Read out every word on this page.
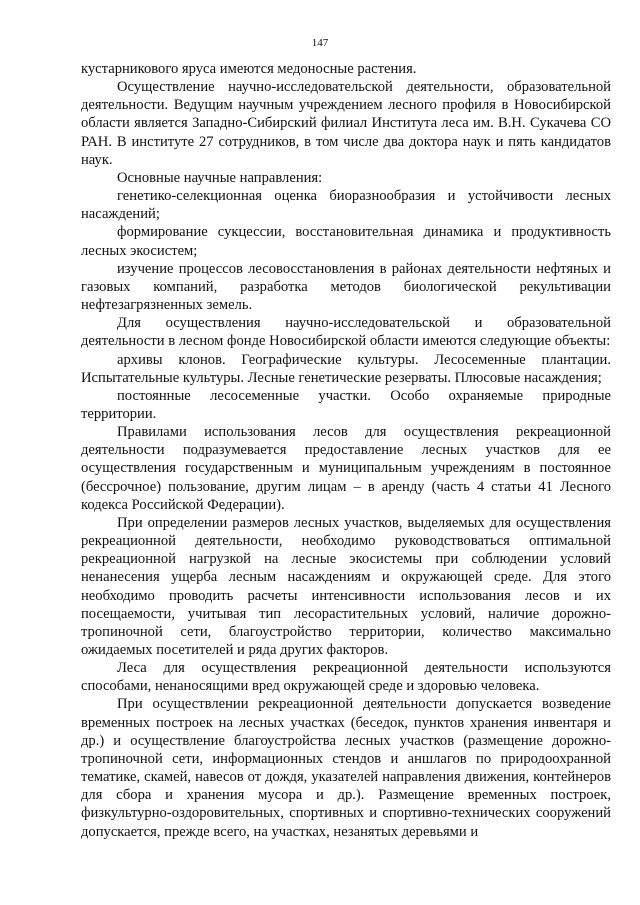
147

кустарникового яруса имеются медоносные растения.

Осуществление научно-исследовательской деятельности, образовательной деятельности. Ведущим научным учреждением лесного профиля в Новосибирской области является Западно-Сибирский филиал Института леса им. В.Н. Сукачева СО РАН. В институте 27 сотрудников, в том числе два доктора наук и пять кандидатов наук.

Основные научные направления:

генетико-селекционная оценка биоразнообразия и устойчивости лесных насаждений;

формирование сукцессии, восстановительная динамика и продуктивность лесных экосистем;

изучение процессов лесовосстановления в районах деятельности нефтяных и газовых компаний, разработка методов биологической рекультивации нефтезагрязненных земель.

Для осуществления научно-исследовательской и образовательной деятельности в лесном фонде Новосибирской области имеются следующие объекты:

архивы клонов. Географические культуры. Лесосеменные плантации. Испытательные культуры. Лесные генетические резерваты. Плюсовые насаждения;

постоянные лесосеменные участки. Особо охраняемые природные территории.

Правилами использования лесов для осуществления рекреационной деятельности подразумевается предоставление лесных участков для ее осуществления государственным и муниципальным учреждениям в постоянное (бессрочное) пользование, другим лицам – в аренду (часть 4 статьи 41 Лесного кодекса Российской Федерации).

При определении размеров лесных участков, выделяемых для осуществления рекреационной деятельности, необходимо руководствоваться оптимальной рекреационной нагрузкой на лесные экосистемы при соблюдении условий ненанесения ущерба лесным насаждениям и окружающей среде. Для этого необходимо проводить расчеты интенсивности использования лесов и их посещаемости, учитывая тип лесорастительных условий, наличие дорожно-тропиночной сети, благоустройство территории, количество максимально ожидаемых посетителей и ряда других факторов.

Леса для осуществления рекреационной деятельности используются способами, ненаносящими вред окружающей среде и здоровью человека.

При осуществлении рекреационной деятельности допускается возведение временных построек на лесных участках (беседок, пунктов хранения инвентаря и др.) и осуществление благоустройства лесных участков (размещение дорожно-тропиночной сети, информационных стендов и аншлагов по природоохранной тематике, скамей, навесов от дождя, указателей направления движения, контейнеров для сбора и хранения мусора и др.). Размещение временных построек, физкультурно-оздоровительных, спортивных и спортивно-технических сооружений допускается, прежде всего, на участках, незанятых деревьями и
